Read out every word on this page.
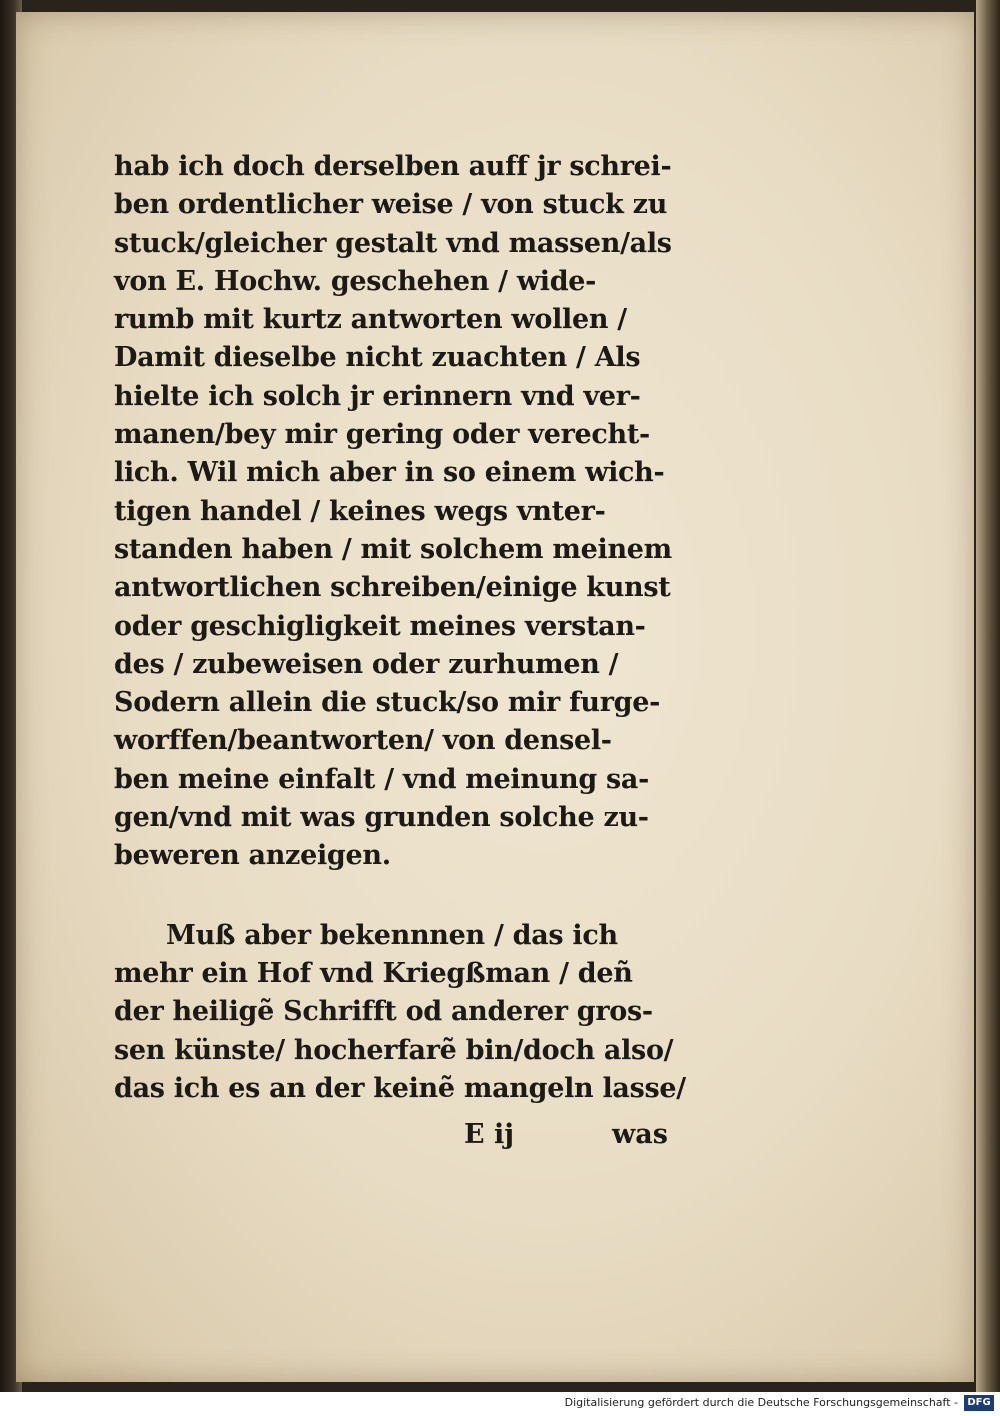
hab ich doch derselben auff jr schrei-
ben ordentlicher weise / von stuck zu
stuck/gleicher gestalt vnd massen/als
von E. Hochw. geschehen / wide-
rumb mit kurtz antworten wollen /
Damit dieselbe nicht zuachten / Als
hielte ich solch jr erinnern vnd ver-
manen/bey mir gering oder verecht-
lich. Wil mich aber in so einem wich-
tigen handel / keines wegs vnter-
standen haben / mit solchem meinem
antwortlichen schreiben/einige kunst
oder geschigligkeit meines verstan-
des / zubeweisen oder zurhumen /
Sodern allein die stuck/so mir furge-
worffen/beantworten/ von densel-
ben meine einfalt / vnd meinung sa-
gen/vnd mit was grunden solche zu-
beweren anzeigen.
Muß aber bekennnen / das ich
mehr ein Hof vnd Kriegßman / deñ
der heiligẽ Schrifft od anderer gros-
sen künste/ hocherfarẽ bin/doch also/
das ich es an der keinẽ mangeln lasse/
E ij	was
Digitalisierung gefördert durch die Deutsche Forschungsgemeinschaft - DFG
